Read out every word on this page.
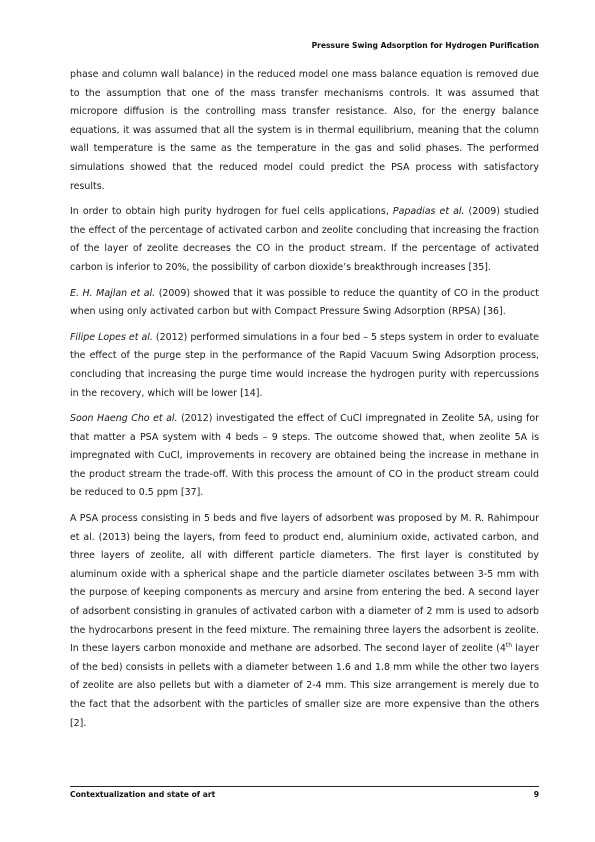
Pressure Swing Adsorption for Hydrogen Purification

phase and column wall balance) in the reduced model one mass balance equation is removed due to the assumption that one of the mass transfer mechanisms controls. It was assumed that micropore diffusion is the controlling mass transfer resistance. Also, for the energy balance equations, it was assumed that all the system is in thermal equilibrium, meaning that the column wall temperature is the same as the temperature in the gas and solid phases. The performed simulations showed that the reduced model could predict the PSA process with satisfactory results.

In order to obtain high purity hydrogen for fuel cells applications, Papadias et al. (2009) studied the effect of the percentage of activated carbon and zeolite concluding that increasing the fraction of the layer of zeolite decreases the CO in the product stream. If the percentage of activated carbon is inferior to 20%, the possibility of carbon dioxide’s breakthrough increases [35].

E. H. Majlan et al. (2009) showed that it was possible to reduce the quantity of CO in the product when using only activated carbon but with Compact Pressure Swing Adsorption (RPSA) [36].

Filipe Lopes et al. (2012) performed simulations in a four bed – 5 steps system in order to evaluate the effect of the purge step in the performance of the Rapid Vacuum Swing Adsorption process, concluding that increasing the purge time would increase the hydrogen purity with repercussions in the recovery, which will be lower [14].

Soon Haeng Cho et al. (2012) investigated the effect of CuCl impregnated in Zeolite 5A, using for that matter a PSA system with 4 beds – 9 steps. The outcome showed that, when zeolite 5A is impregnated with CuCl, improvements in recovery are obtained being the increase in methane in the product stream the trade-off. With this process the amount of CO in the product stream could be reduced to 0.5 ppm [37].

A PSA process consisting in 5 beds and five layers of adsorbent was proposed by M. R. Rahimpour et al. (2013) being the layers, from feed to product end, aluminium oxide, activated carbon, and three layers of zeolite, all with different particle diameters. The first layer is constituted by aluminum oxide with a spherical shape and the particle diameter oscilates between 3-5 mm with the purpose of keeping components as mercury and arsine from entering the bed. A second layer of adsorbent consisting in granules of activated carbon with a diameter of 2 mm is used to adsorb the hydrocarbons present in the feed mixture. The remaining three layers the adsorbent is zeolite. In these layers carbon monoxide and methane are adsorbed. The second layer of zeolite (4th layer of the bed) consists in pellets with a diameter between 1.6 and 1.8 mm while the other two layers of zeolite are also pellets but with a diameter of 2-4 mm. This size arrangement is merely due to the fact that the adsorbent with the particles of smaller size are more expensive than the others [2].

Contextualization and state of art	9
